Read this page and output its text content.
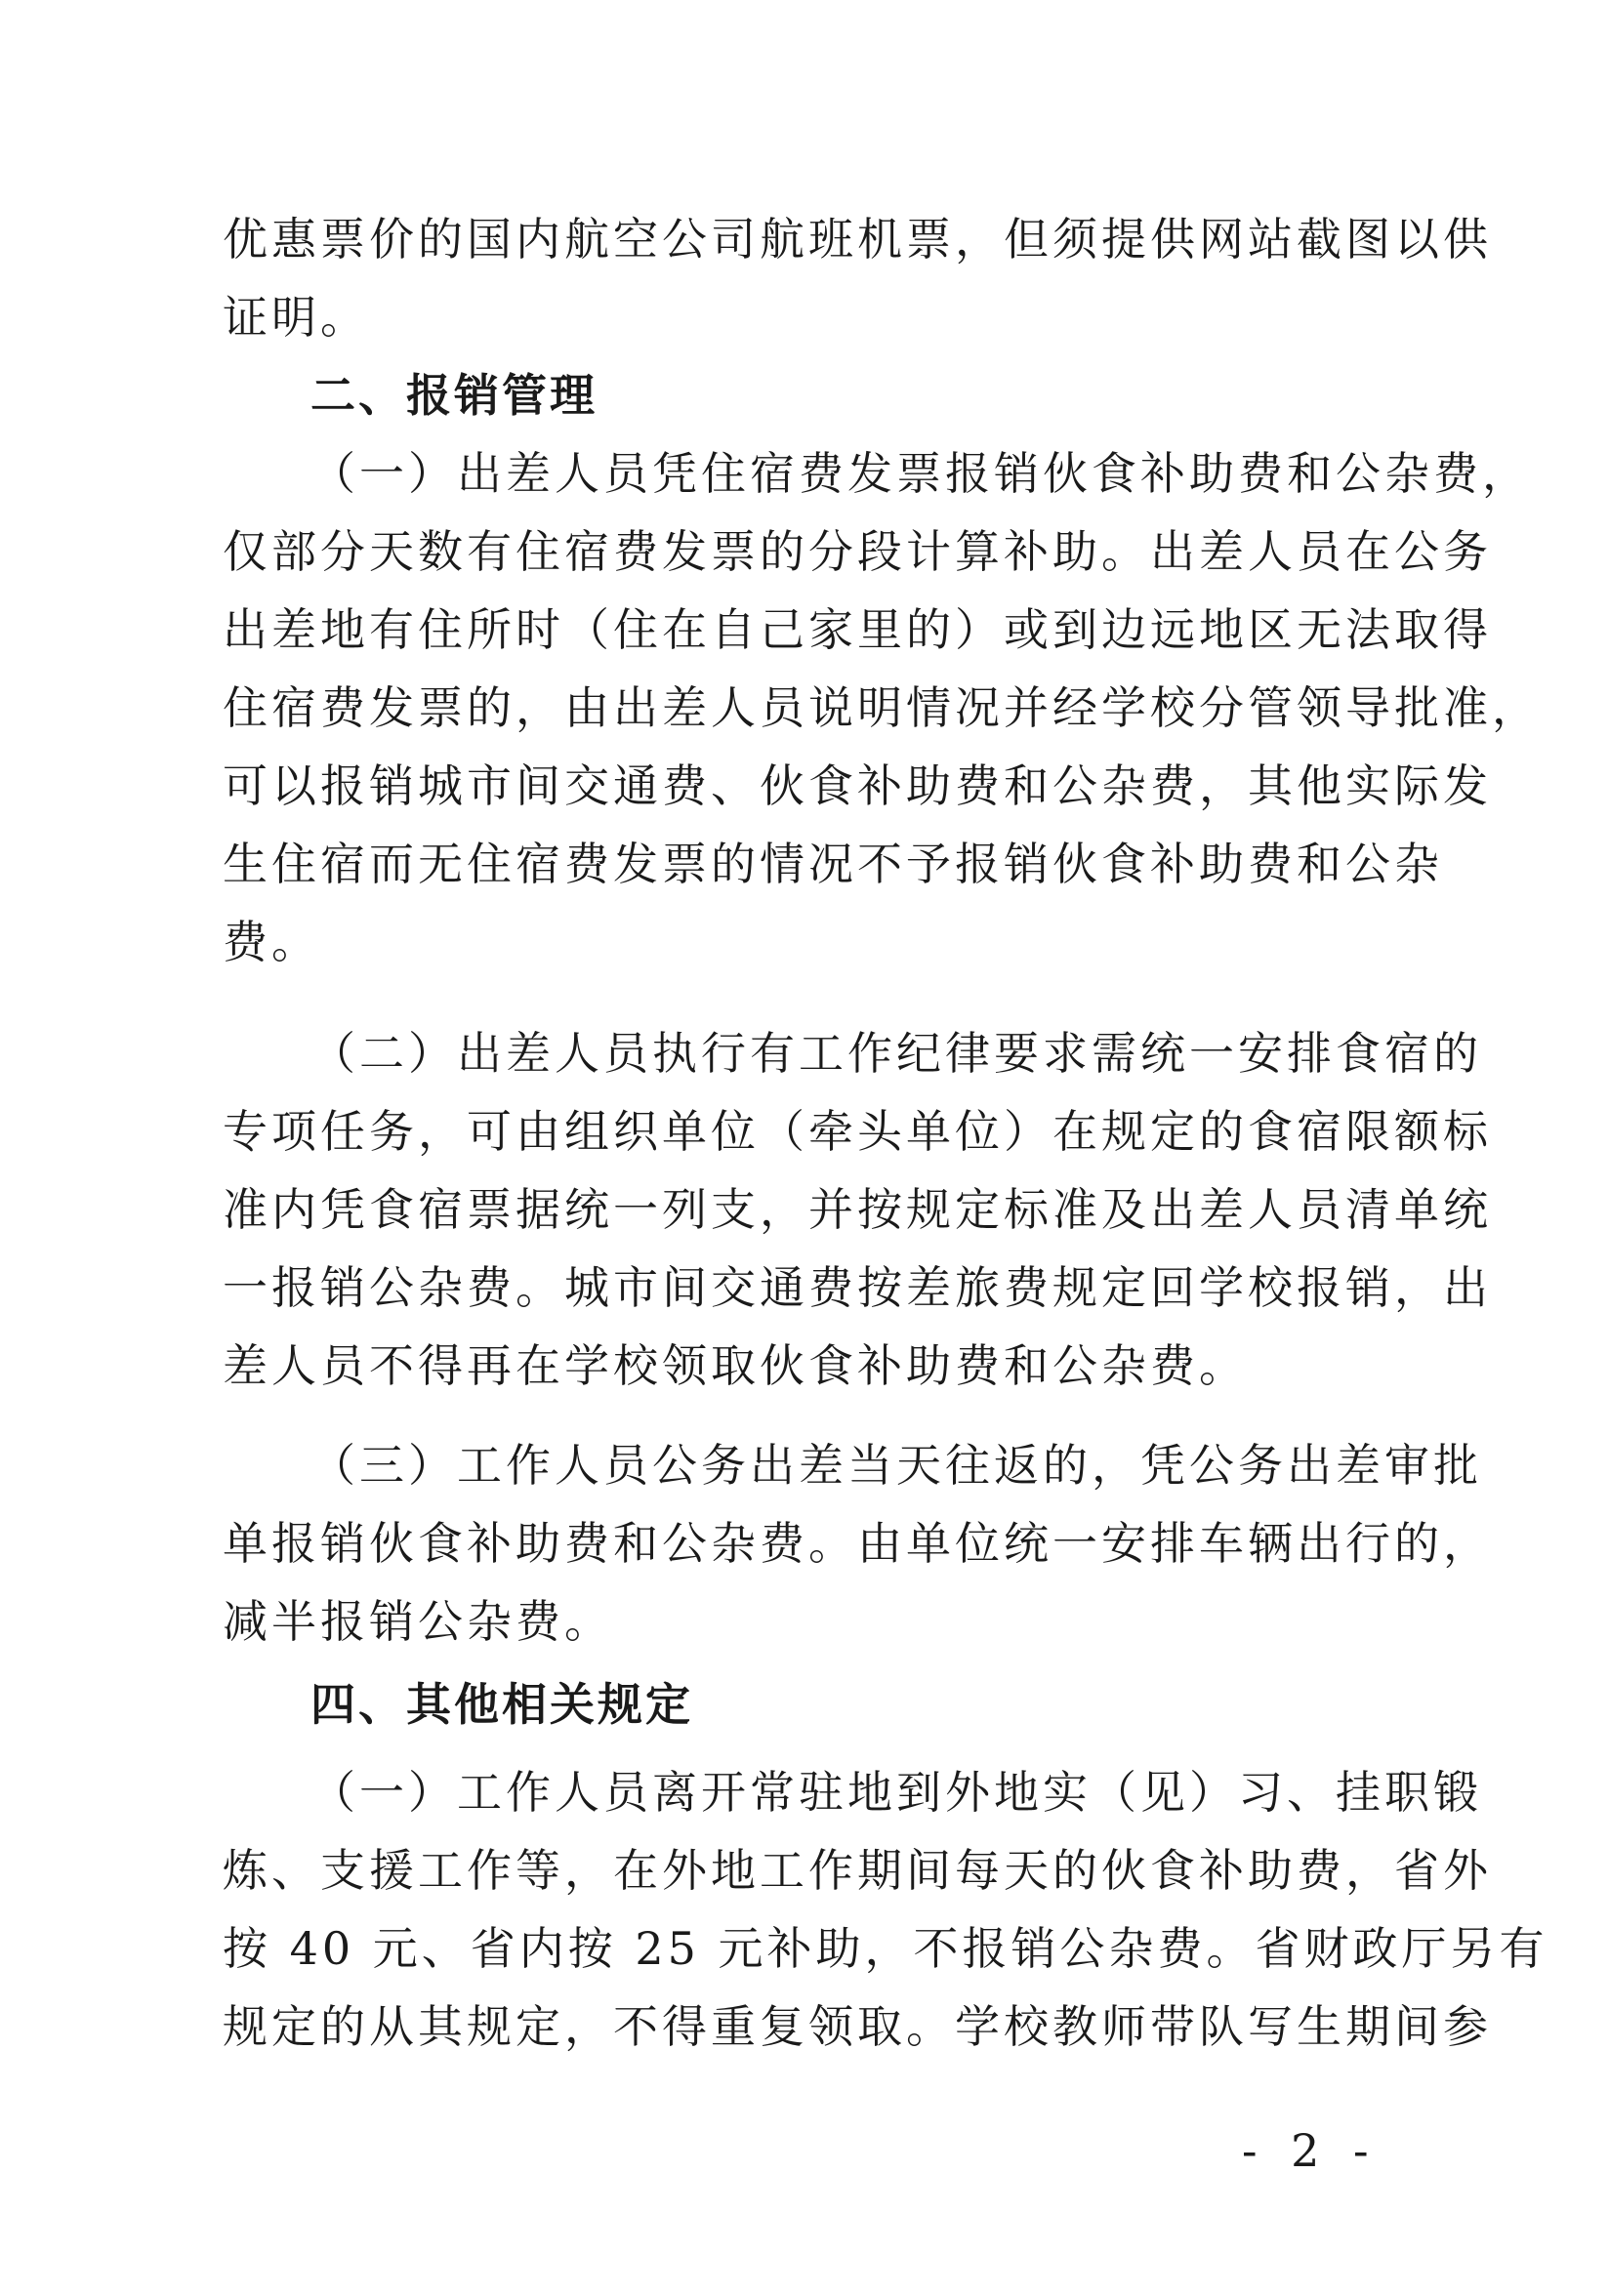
优惠票价的国内航空公司航班机票，但须提供网站截图以供
证明。
二、报销管理
（一）出差人员凭住宿费发票报销伙食补助费和公杂费，
仅部分天数有住宿费发票的分段计算补助。出差人员在公务
出差地有住所时（住在自己家里的）或到边远地区无法取得
住宿费发票的，由出差人员说明情况并经学校分管领导批准，
可以报销城市间交通费、伙食补助费和公杂费，其他实际发
生住宿而无住宿费发票的情况不予报销伙食补助费和公杂
费。
（二）出差人员执行有工作纪律要求需统一安排食宿的
专项任务，可由组织单位（牵头单位）在规定的食宿限额标
准内凭食宿票据统一列支，并按规定标准及出差人员清单统
一报销公杂费。城市间交通费按差旅费规定回学校报销，出
差人员不得再在学校领取伙食补助费和公杂费。
（三）工作人员公务出差当天往返的，凭公务出差审批
单报销伙食补助费和公杂费。由单位统一安排车辆出行的，
减半报销公杂费。
四、其他相关规定
（一）工作人员离开常驻地到外地实（见）习、挂职锻
炼、支援工作等，在外地工作期间每天的伙食补助费，省外
按 40 元、省内按 25 元补助，不报销公杂费。省财政厅另有
规定的从其规定，不得重复领取。学校教师带队写生期间参
- 2 -
